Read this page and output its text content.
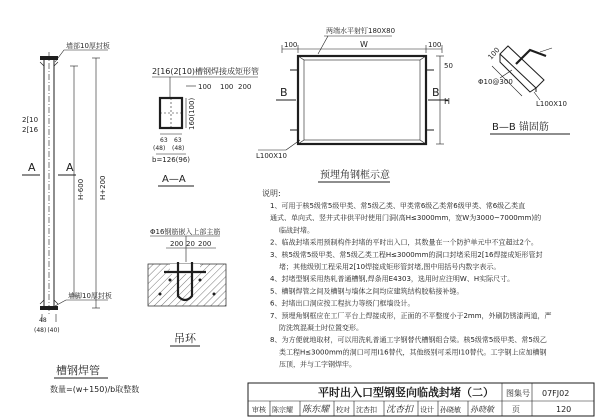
A	A
墙部10厚封板
墙脚10厚封板
2[10
2[16
H-600 H+200
48
(48)(40)
槽钢焊管
数量=(w+150)/b取整数
2[16(2[10)槽钢焊接成矩形管
100 100 200
160(100)
63 63
(48) (48)
b=126(96)
A—A
Φ16钢筋嵌入上部主筋
200 20 200
吊环
两端水平射钉180X80
100	W	100
H
50
B	B
L100X10
预埋角钢框示意
Φ10@300
L100X10
100
B—B 锚固筋
说明:
1、可用于核5级常5级甲类、常5级乙类、甲类常6级乙类常6级甲类、常6级乙类直
通式、单向式、竖井式非供平时使用门洞(高H≤3000mm，宽W为3000~7000mm)的
临战封堵。
2、临战封堵采用预制构件封堵的平时出入口，其数量在一个防护单元中不宜超过2个。
3、核5级常5级甲类、常5级乙类工程H≤3000mm的洞口封堵采用2[16焊接成矩形管封
堵；其他级别工程采用2[10焊接成矩形管封堵,图中用括号内数字表示。
4、封堵型钢采用热轧普通槽钢,焊条用E4303，选用时应注明W、H实际尺寸。
5、槽钢焊管之间及槽钢与墙体之间均应建筑结构胶粘接补缝。
6、封堵出口洞应按工程抗力等级门框墙设计。
7、预埋角钢框应在工厂平台上焊接成形，正面的不平整度小于2mm，外刷防锈漆两道，严
防洗筑混凝土时位置变形。
8、为方便就地取材，可以用洗轧普通工字钢替代槽钢组合梁。核5级常5级甲类、常5级乙
类工程H≤3000mm的洞口可用I16替代，其他级别可采用I10替代。工字钢上应加槽钢
压顶，并与工字钢焊牢。
平时出入口型钢竖向临战封堵（二） 图集号 07FJ02
审核 陈宗耀 陈东耀 校对 沈杏扣 沈杏扣 设计 孙晓敏 孙晓敏 页	120
